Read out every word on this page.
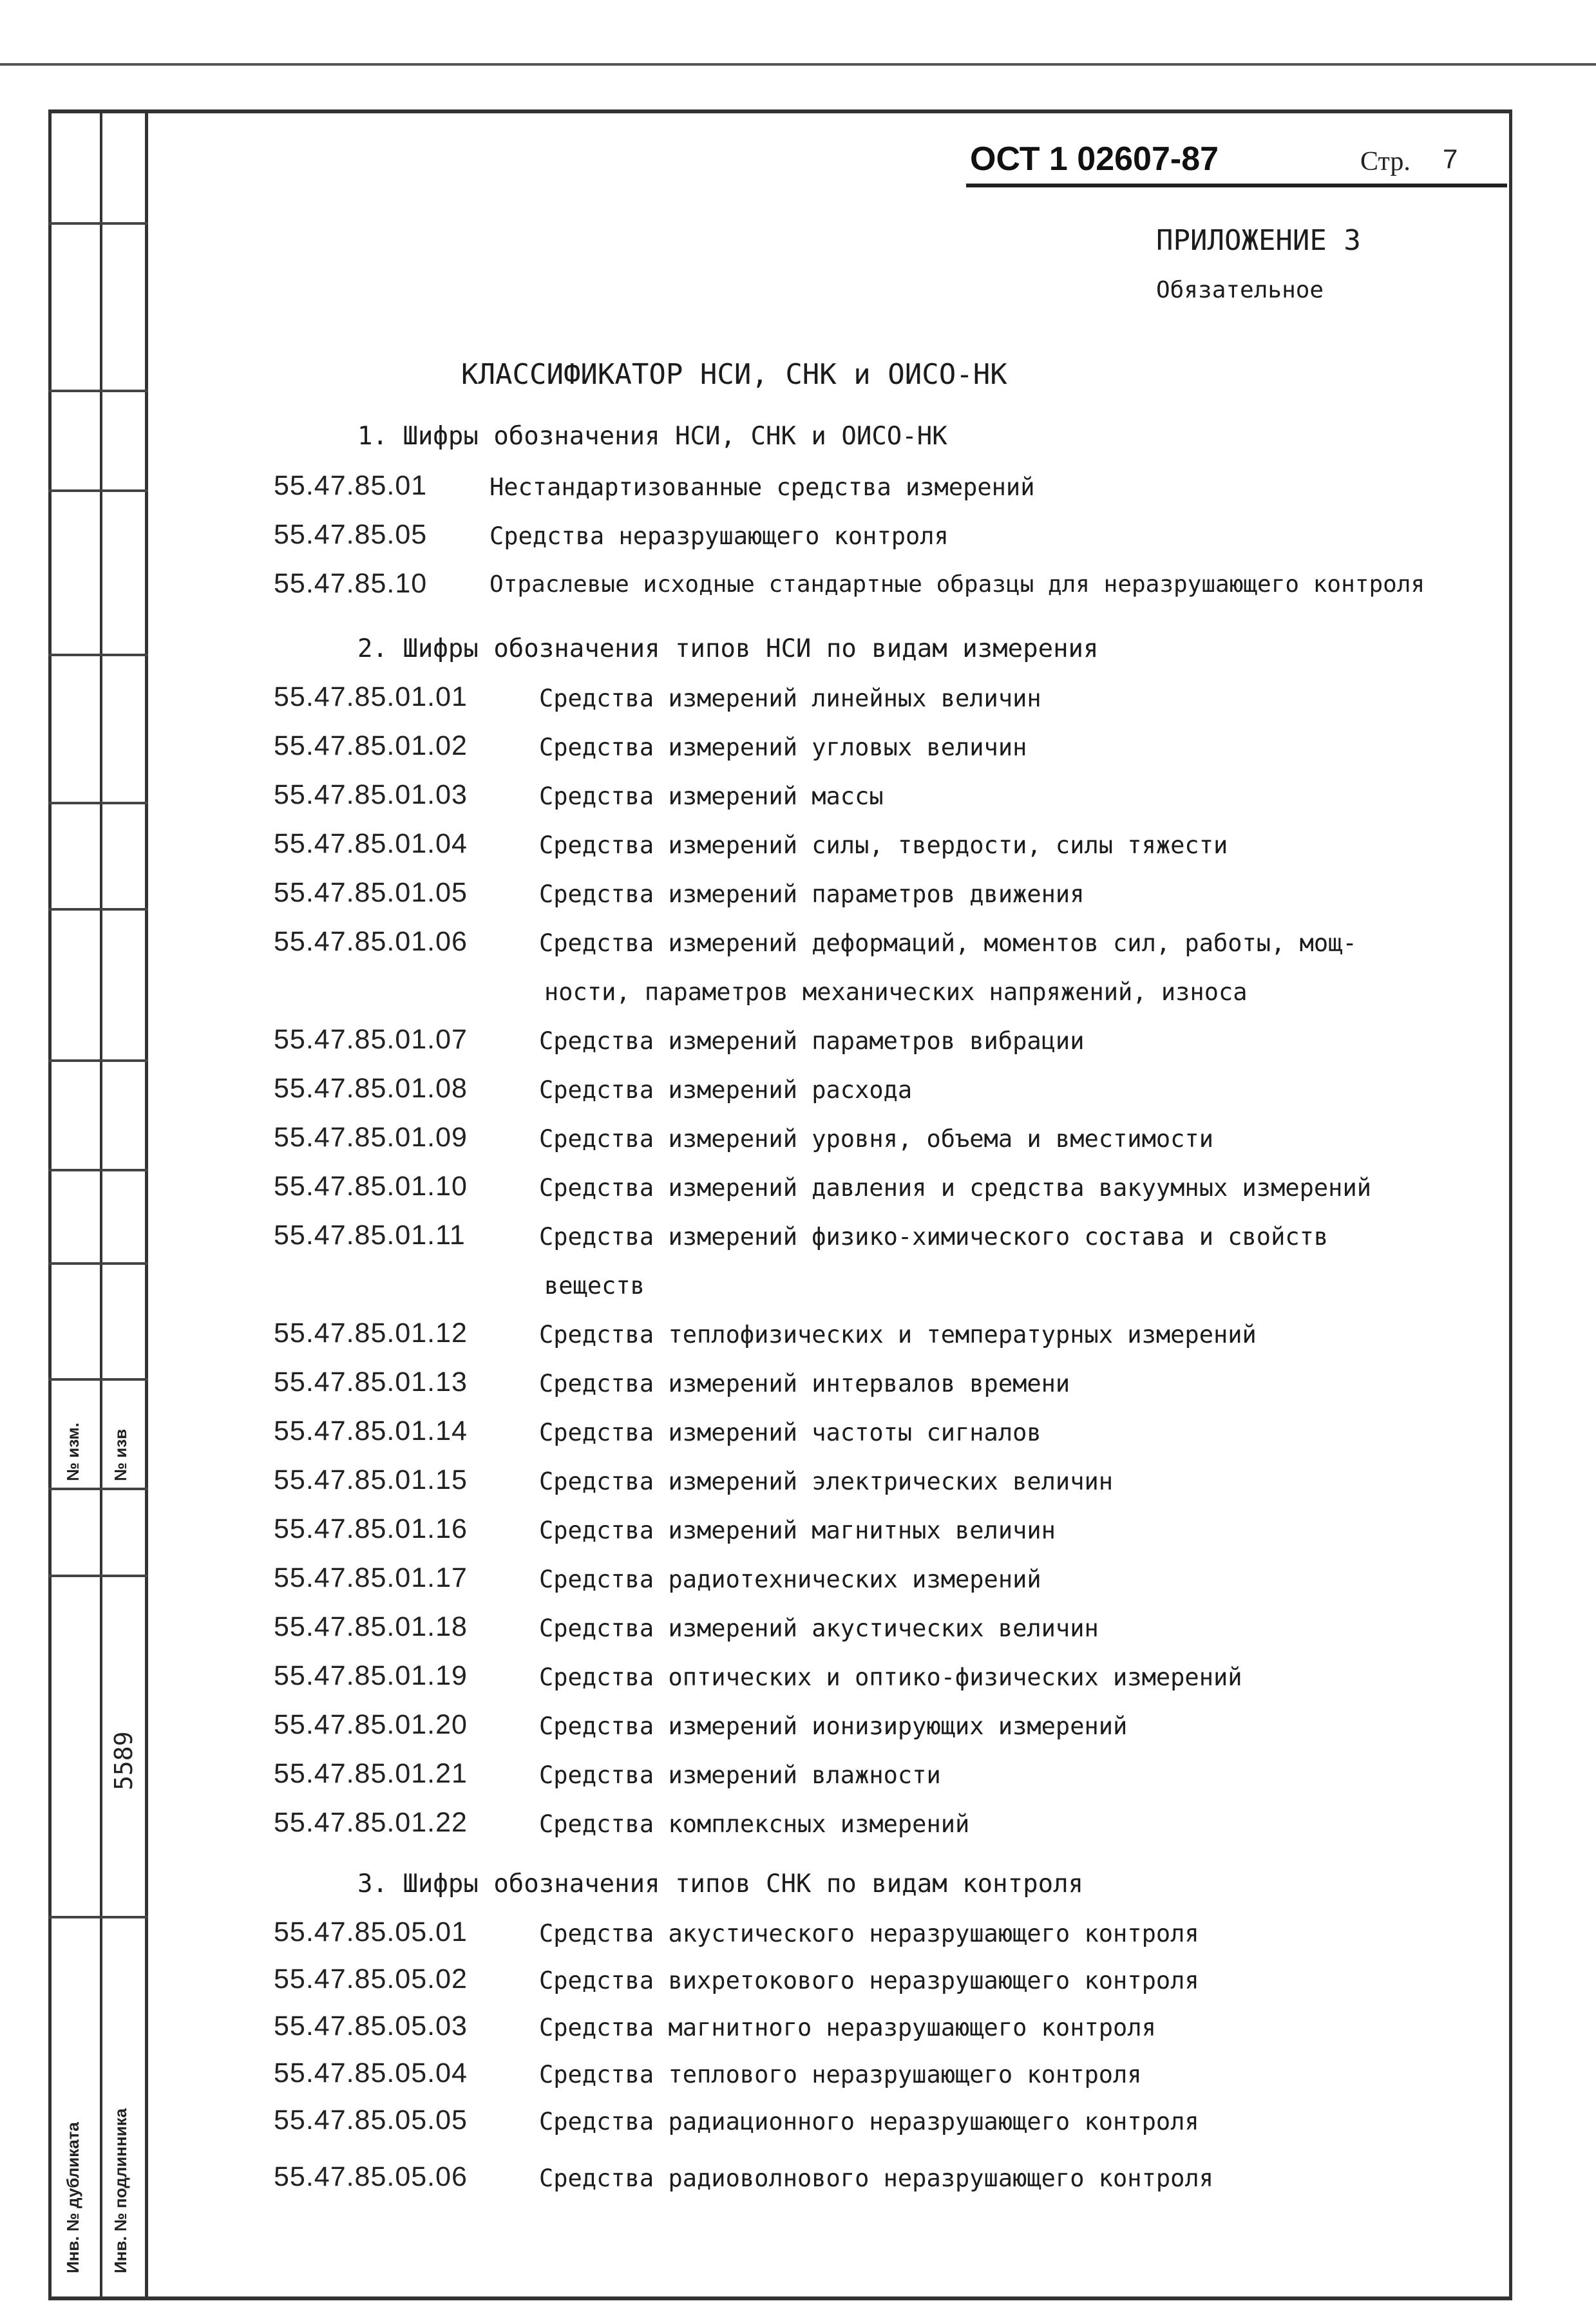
№ изм. № изв
Инв. № дубликата Инв. № подлинника
5589
ОСТ 1 02607-87	Стр. 7
ПРИЛОЖЕНИЕ 3
Обязательное
КЛАССИФИКАТОР НСИ, СНК и ОИСО-НК
1. Шифры обозначения НСИ, СНК и ОИСО-НК
55.47.85.01	Нестандартизованные средства измерений
55.47.85.05	Средства неразрушающего контроля
55.47.85.10	Отраслевые исходные стандартные образцы для неразрушающего контроля
2. Шифры обозначения типов НСИ по видам измерения
55.47.85.01.01	Средства измерений линейных величин
55.47.85.01.02	Средства измерений угловых величин
55.47.85.01.03	Средства измерений массы
55.47.85.01.04	Средства измерений силы, твердости, силы тяжести
55.47.85.01.05	Средства измерений параметров движения
55.47.85.01.06	Средства измерений деформаций, моментов сил, работы, мощ-
ности, параметров механических напряжений, износа
55.47.85.01.07	Средства измерений параметров вибрации
55.47.85.01.08	Средства измерений расхода
55.47.85.01.09	Средства измерений уровня, объема и вместимости
55.47.85.01.10	Средства измерений давления и средства вакуумных измерений
55.47.85.01.11	Средства измерений физико-химического состава и свойств
веществ
55.47.85.01.12	Средства теплофизических и температурных измерений
55.47.85.01.13	Средства измерений интервалов времени
55.47.85.01.14	Средства измерений частоты сигналов
55.47.85.01.15	Средства измерений электрических величин
55.47.85.01.16	Средства измерений магнитных величин
55.47.85.01.17	Средства радиотехнических измерений
55.47.85.01.18	Средства измерений акустических величин
55.47.85.01.19	Средства оптических и оптико-физических измерений
55.47.85.01.20	Средства измерений ионизирующих измерений
55.47.85.01.21	Средства измерений влажности
55.47.85.01.22	Средства комплексных измерений
3. Шифры обозначения типов СНК по видам контроля
55.47.85.05.01	Средства акустического неразрушающего контроля
55.47.85.05.02	Средства вихретокового неразрушающего контроля
55.47.85.05.03	Средства магнитного неразрушающего контроля
55.47.85.05.04	Средства теплового неразрушающего контроля
55.47.85.05.05	Средства радиационного неразрушающего контроля
55.47.85.05.06	Средства радиоволнового неразрушающего контроля
